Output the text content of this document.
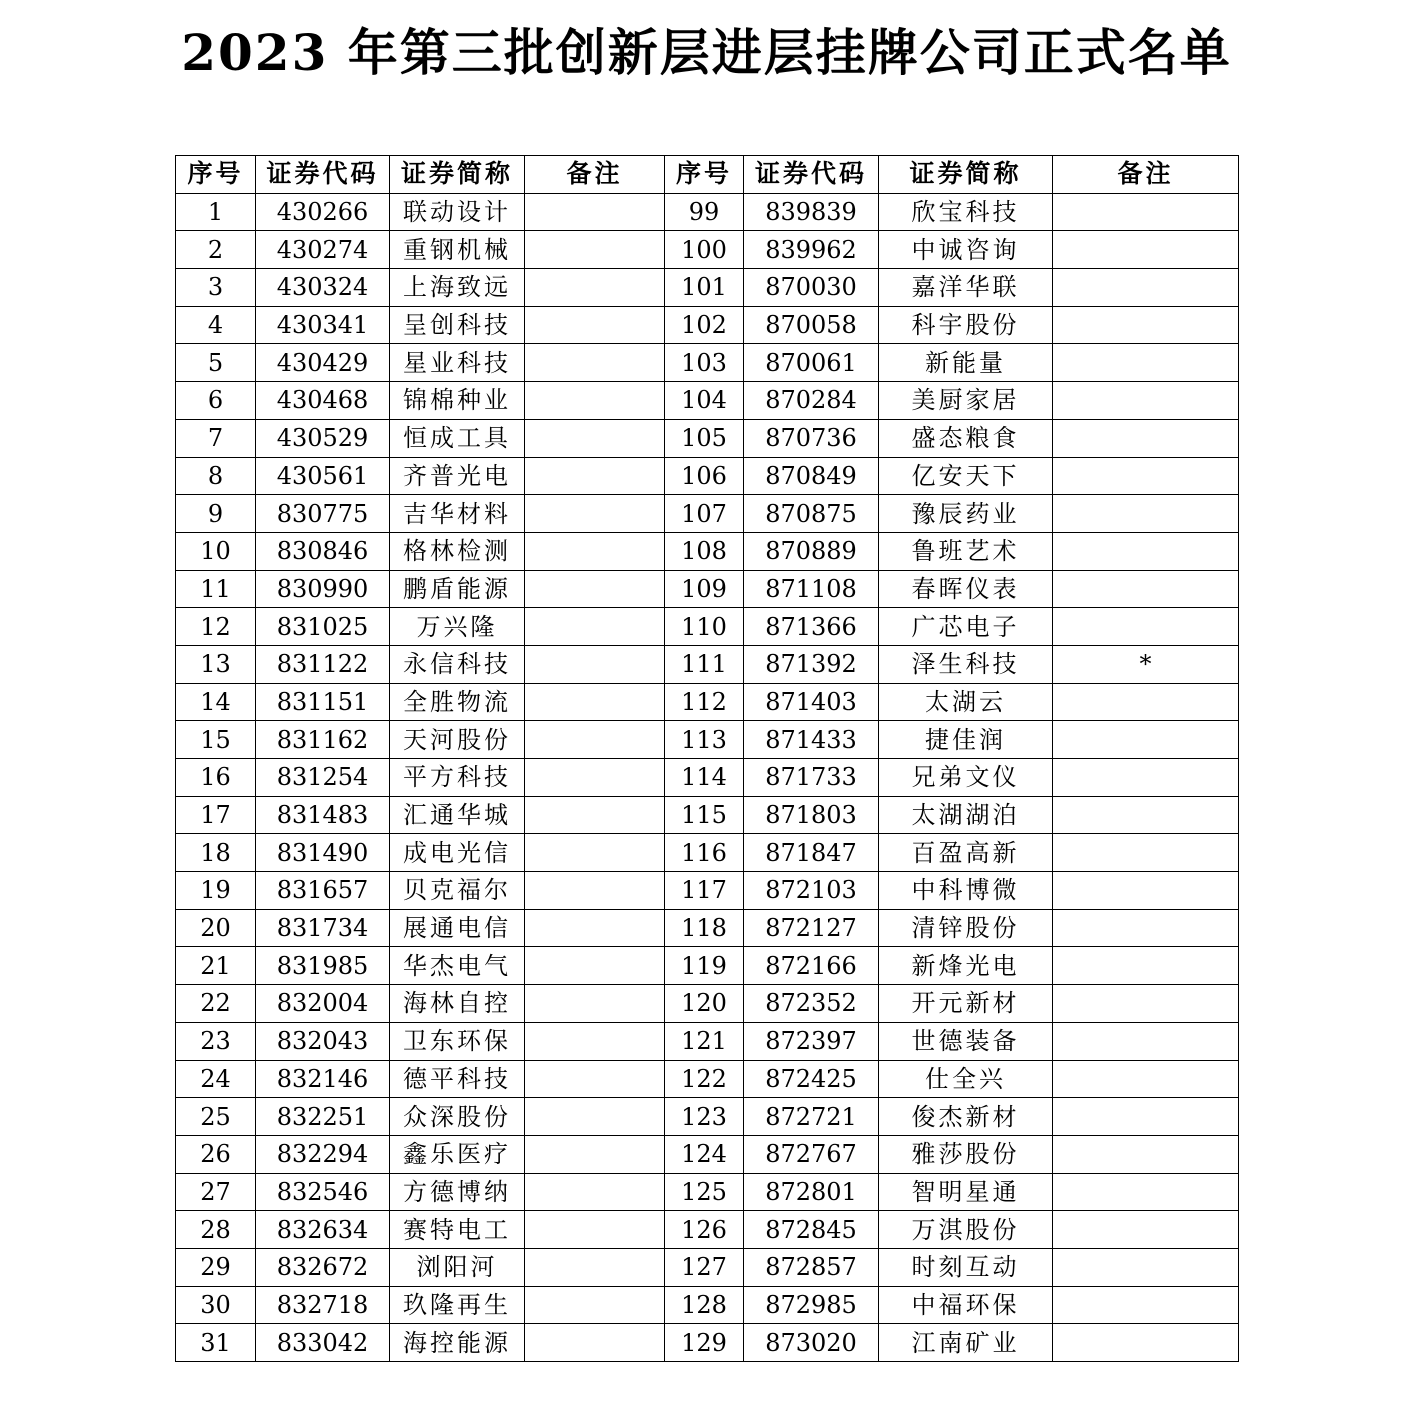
2023 年第三批创新层进层挂牌公司正式名单
序号	证券代码	证券简称	备注	序号	证券代码	证券简称	备注
1	430266	联动设计		99	839839	欣宝科技	
2	430274	重钢机械		100	839962	中诚咨询	
3	430324	上海致远		101	870030	嘉洋华联	
4	430341	呈创科技		102	870058	科宇股份	
5	430429	星业科技		103	870061	新能量	
6	430468	锦棉种业		104	870284	美厨家居	
7	430529	恒成工具		105	870736	盛态粮食	
8	430561	齐普光电		106	870849	亿安天下	
9	830775	吉华材料		107	870875	豫辰药业	
10	830846	格林检测		108	870889	鲁班艺术	
11	830990	鹏盾能源		109	871108	春晖仪表	
12	831025	万兴隆		110	871366	广芯电子	
13	831122	永信科技		111	871392	泽生科技	*
14	831151	全胜物流		112	871403	太湖云	
15	831162	天河股份		113	871433	捷佳润	
16	831254	平方科技		114	871733	兄弟文仪	
17	831483	汇通华城		115	871803	太湖湖泊	
18	831490	成电光信		116	871847	百盈高新	
19	831657	贝克福尔		117	872103	中科博微	
20	831734	展通电信		118	872127	清锌股份	
21	831985	华杰电气		119	872166	新烽光电	
22	832004	海林自控		120	872352	开元新材	
23	832043	卫东环保		121	872397	世德装备	
24	832146	德平科技		122	872425	仕全兴	
25	832251	众深股份		123	872721	俊杰新材	
26	832294	鑫乐医疗		124	872767	雅莎股份	
27	832546	方德博纳		125	872801	智明星通	
28	832634	赛特电工		126	872845	万淇股份	
29	832672	浏阳河		127	872857	时刻互动	
30	832718	玖隆再生		128	872985	中福环保	
31	833042	海控能源		129	873020	江南矿业	
